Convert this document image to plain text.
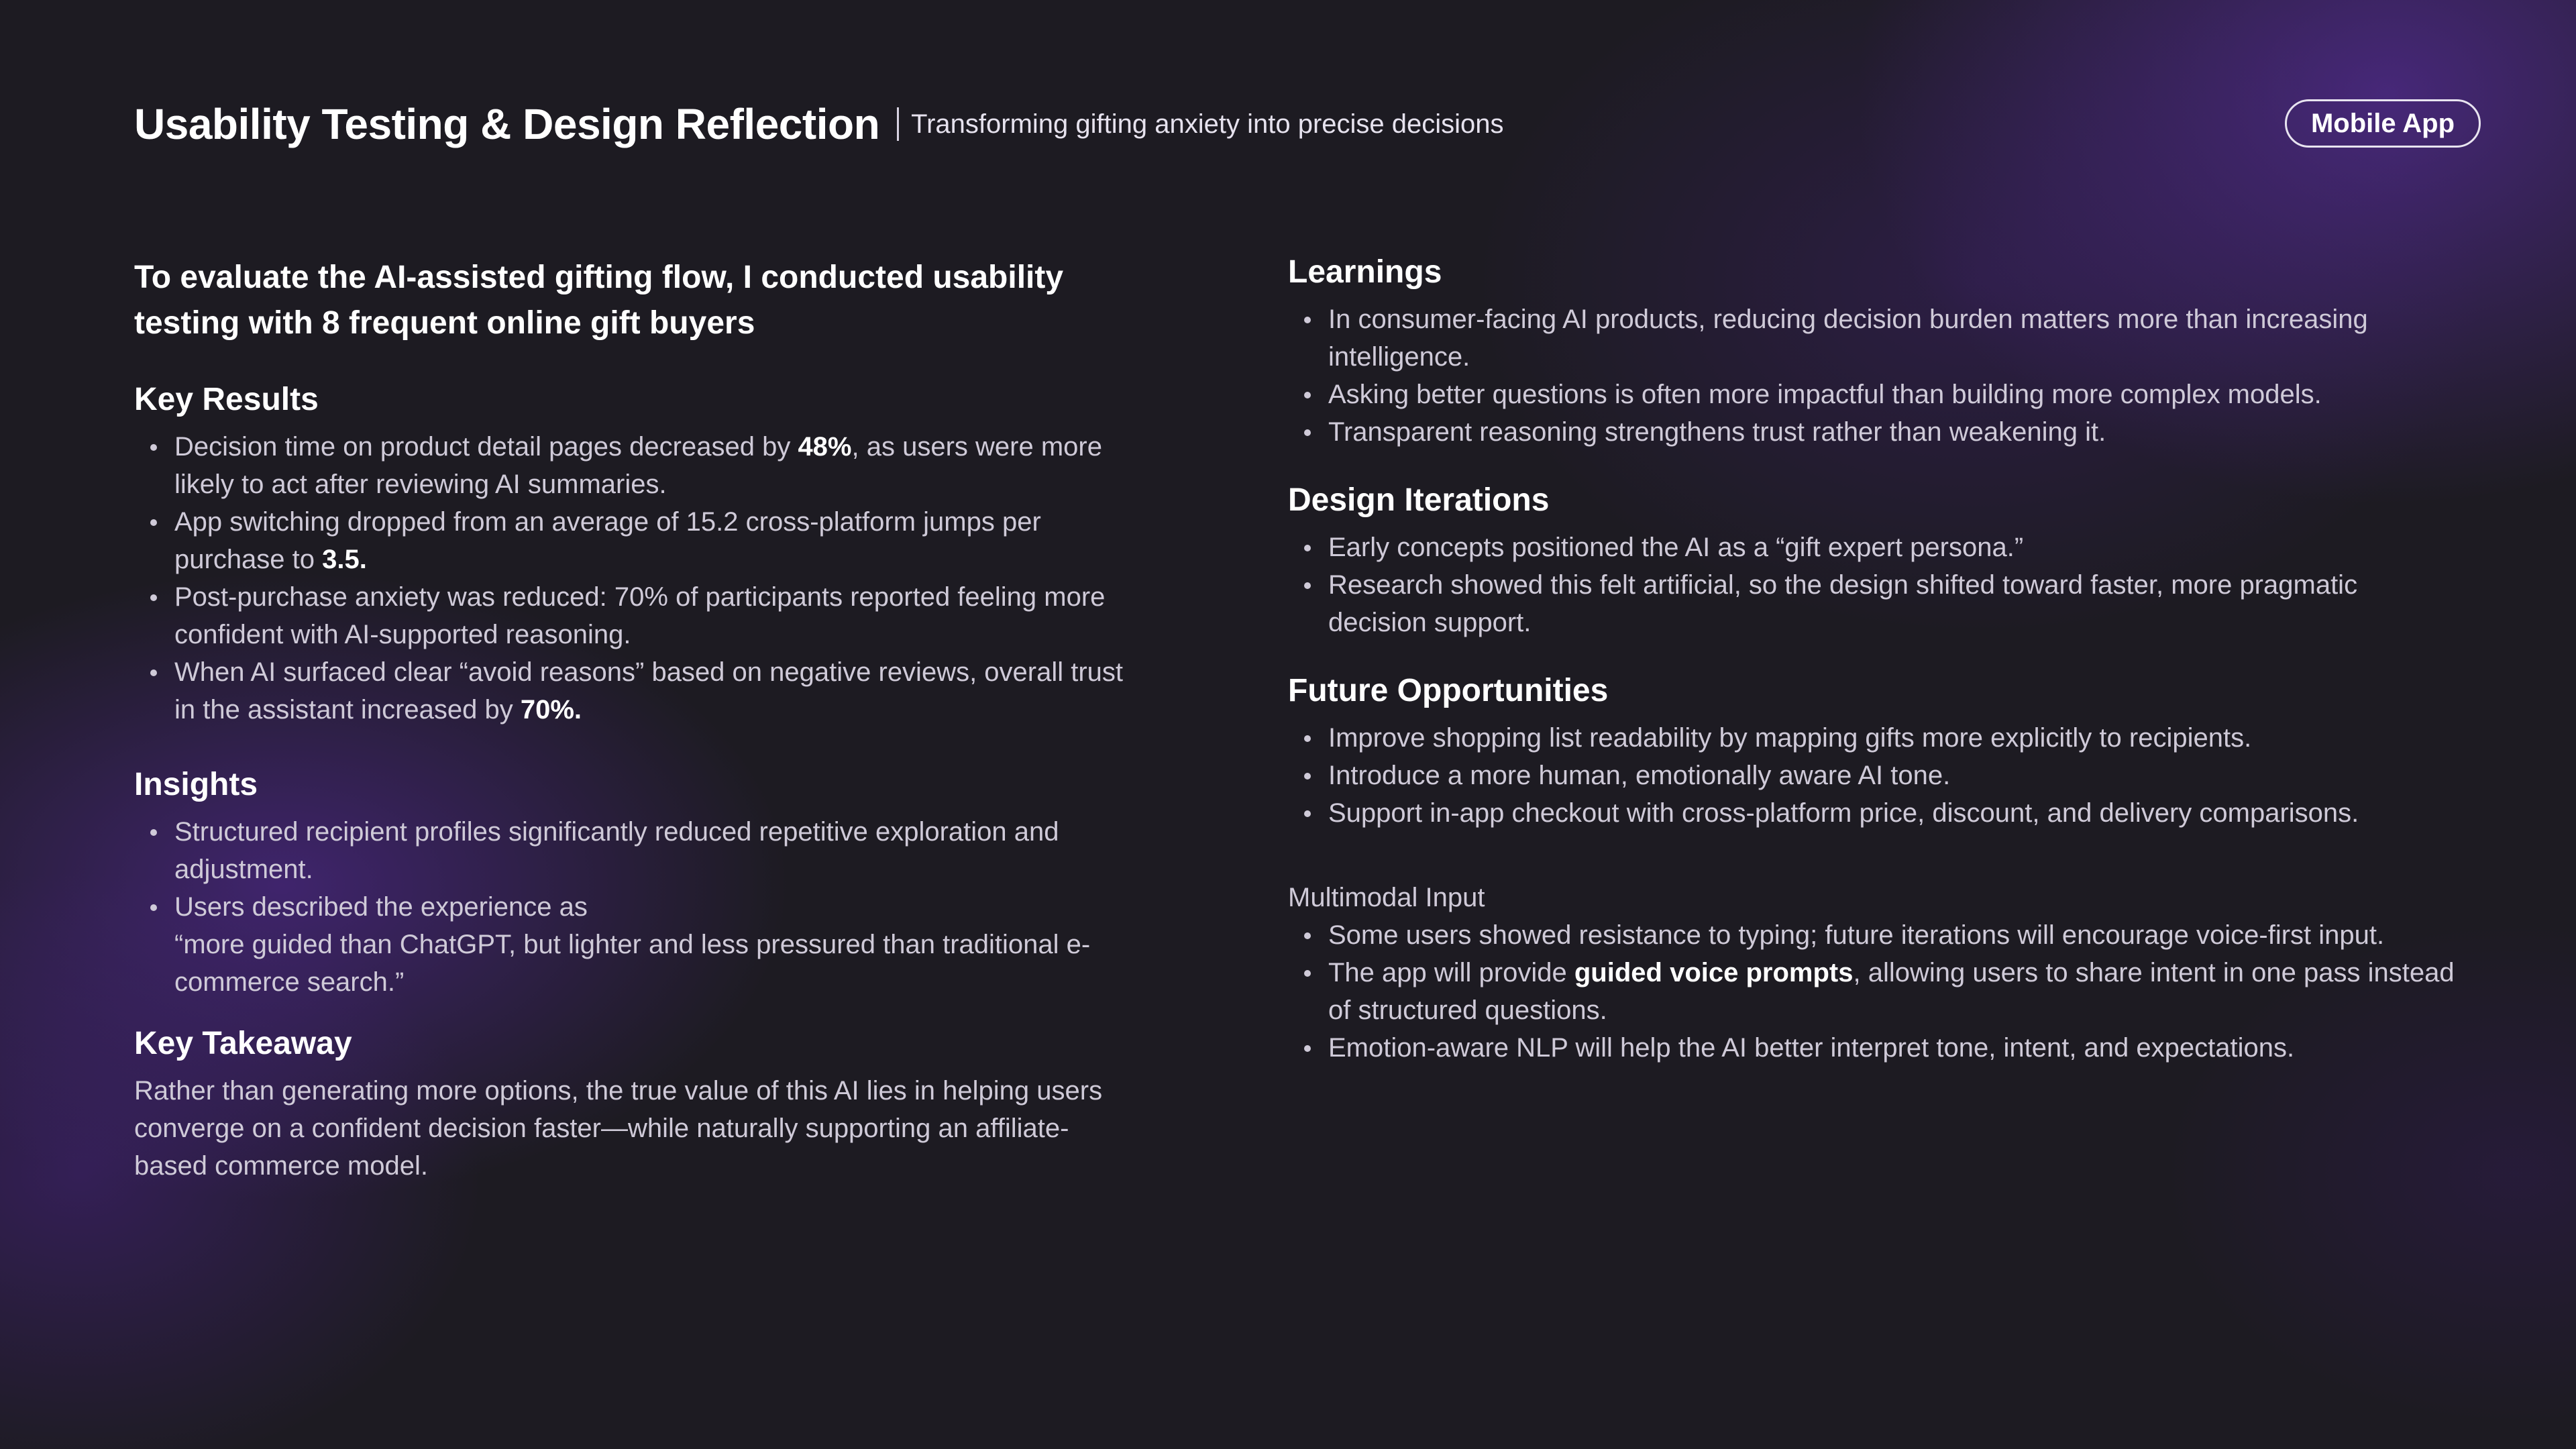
Usability Testing & Design Reflection Transforming gifting anxiety into precise decisions	Mobile App

To evaluate the AI-assisted gifting flow, I conducted usability testing with 8 frequent online gift buyers

Key Results
Decision time on product detail pages decreased by 48%, as users were more likely to act after reviewing AI summaries.
App switching dropped from an average of 15.2 cross-platform jumps per purchase to 3.5.
Post-purchase anxiety was reduced: 70% of participants reported feeling more confident with AI-supported reasoning.
When AI surfaced clear “avoid reasons” based on negative reviews, overall trust in the assistant increased by 70%.
Insights
Structured recipient profiles significantly reduced repetitive exploration and adjustment.
Users described the experience as
“more guided than ChatGPT, but lighter and less pressured than traditional e-commerce search.”
Key Takeaway

Rather than generating more options, the true value of this AI lies in helping users converge on a confident decision faster—while naturally supporting an affiliate-based commerce model.

Learnings
In consumer-facing AI products, reducing decision burden matters more than increasing intelligence.
Asking better questions is often more impactful than building more complex models.
Transparent reasoning strengthens trust rather than weakening it.
Design Iterations
Early concepts positioned the AI as a “gift expert persona.”
Research showed this felt artificial, so the design shifted toward faster, more pragmatic decision support.
Future Opportunities
Improve shopping list readability by mapping gifts more explicitly to recipients.
Introduce a more human, emotionally aware AI tone.
Support in-app checkout with cross-platform price, discount, and delivery comparisons.
Multimodal Input
Some users showed resistance to typing; future iterations will encourage voice-first input.
The app will provide guided voice prompts, allowing users to share intent in one pass instead of structured questions.
Emotion-aware NLP will help the AI better interpret tone, intent, and expectations.
